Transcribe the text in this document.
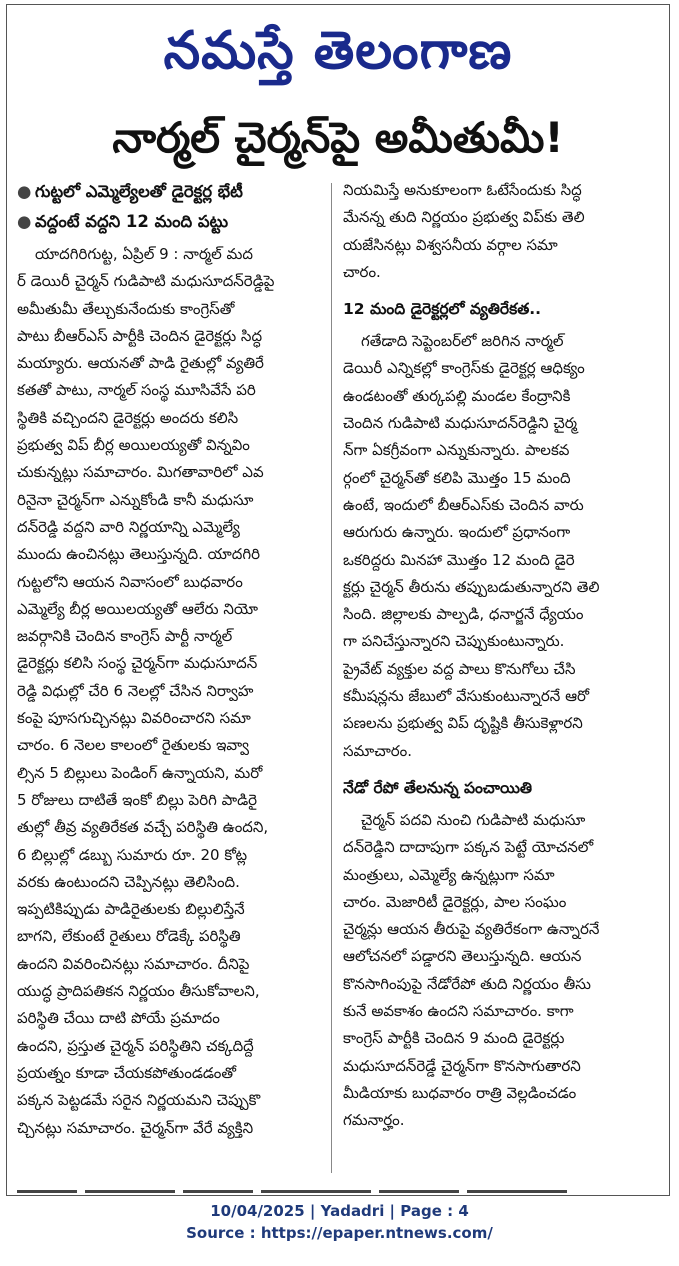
నమస్తే తెలంగాణ
నార్మల్ చైర్మన్‌పై అమీతుమీ!
● గుట్టలో ఎమ్మెల్యేలతో డైరెక్టర్ల భేటీ
● వద్దంటే వద్దని 12 మంది పట్టు
యాదగిరిగుట్ట, ఏప్రిల్ 9 : నార్మల్ మద
ర్ డెయిరీ చైర్మన్ గుడిపాటి మధుసూదన్‌రెడ్డిపై
అమీతుమీ తేల్చుకునేందుకు కాంగ్రెస్‌తో
పాటు బీఆర్‌ఎస్ పార్టీకి చెందిన డైరెక్టర్లు సిద్ధ
మయ్యారు. ఆయనతో పాడి రైతుల్లో వ్యతిరే
కతతో పాటు, నార్మల్ సంస్థ మూసివేసే పరి
స్థితికి వచ్చిందని డైరెక్టర్లు అందరు కలిసి
ప్రభుత్వ విప్ బీర్ల అయిలయ్యతో విన్నవిం
చుకున్నట్లు సమాచారం. మిగతావారిలో ఎవ
రినైనా చైర్మన్‌గా ఎన్నుకోండి కానీ మధుసూ
దన్‌రెడ్డి వద్దని వారి నిర్ణయాన్ని ఎమ్మెల్యే
ముందు ఉంచినట్లు తెలుస్తున్నది. యాదగిరి
గుట్టలోని ఆయన నివాసంలో బుధవారం
ఎమ్మెల్యే బీర్ల అయిలయ్యతో ఆలేరు నియో
జవర్గానికి చెందిన కాంగ్రెస్ పార్టీ నార్మల్
డైరెక్టర్లు కలిసి సంస్థ చైర్మన్‌గా మధుసూదన్
రెడ్డి విధుల్లో చేరి 6 నెలల్లో చేసిన నిర్వాహ
కంపై పూసగుచ్చినట్లు వివరించారని సమా
చారం. 6 నెలల కాలంలో రైతులకు ఇవ్వా
ల్సిన 5 బిల్లులు పెండింగ్ ఉన్నాయని, మరో
5 రోజులు దాటితే ఇంకో బిల్లు పెరిగి పాడిరై
తుల్లో తీవ్ర వ్యతిరేకత వచ్చే పరిస్థితి ఉందని,
6 బిల్లుల్లో డబ్బు సుమారు రూ. 20 కోట్ల
వరకు ఉంటుందని చెప్పినట్లు తెలిసింది.
ఇప్పటికిప్పుడు పాడిరైతులకు బిల్లులిస్తేనే
బాగని, లేకుంటే రైతులు రోడెక్కే పరిస్థితి
ఉందని వివరించినట్లు సమాచారం. దీనిపై
యుద్ధ ప్రాదిపతికన నిర్ణయం తీసుకోవాలని,
పరిస్థితి చేయి దాటి పోయే ప్రమాదం
ఉందని, ప్రస్తుత చైర్మన్ పరిస్థితిని చక్కదిద్దే
ప్రయత్నం కూడా చేయకపోతుండడంతో
పక్కన పెట్టడమే సరైన నిర్ణయమని చెప్పుకొ
చ్చినట్లు సమాచారం. చైర్మన్‌గా వేరే వ్యక్తిని
నియమిస్తే అనుకూలంగా ఓటేసేందుకు సిద్ధ
మేనన్న తుది నిర్ణయం ప్రభుత్వ విప్‌కు తెలి
యజేసినట్లు విశ్వసనీయ వర్గాల సమా
చారం.
12 మంది డైరెక్టర్లలో వ్యతిరేకత..
గతేడాది సెప్టెంబర్‌లో జరిగిన నార్మల్
డెయిరీ ఎన్నికల్లో కాంగ్రెస్‌కు డైరెక్టర్ల ఆధిక్యం
ఉండటంతో తుర్కపల్లి మండల కేంద్రానికి
చెందిన గుడిపాటి మధుసూదన్‌రెడ్డిని చైర్మ
న్‌గా ఏకగ్రీవంగా ఎన్నుకున్నారు. పాలకవ
ర్గంలో చైర్మన్‌తో కలిపి మొత్తం 15 మంది
ఉంటే, ఇందులో బీఆర్‌ఎస్‌కు చెందిన వారు
ఆరుగురు ఉన్నారు. ఇందులో ప్రధానంగా
ఒకరిద్దరు మినహా మొత్తం 12 మంది డైరె
క్టర్లు చైర్మన్ తీరును తప్పుబడుతున్నారని తెలి
సింది. జిల్లాలకు పాల్పడి, ధనార్జనే ధ్యేయం
గా పనిచేస్తున్నారని చెప్పుకుంటున్నారు.
ప్రైవేట్ వ్యక్తుల వద్ద పాలు కొనుగోలు చేసి
కమీషన్లను జేబులో వేసుకుంటున్నారనే ఆరో
పణలను ప్రభుత్వ విప్ దృష్టికి తీసుకెళ్లారని
సమాచారం.
నేడో రేపో తేలనున్న పంచాయితి
చైర్మన్ పదవి నుంచి గుడిపాటి మధుసూ
దన్‌రెడ్డిని దాదాపుగా పక్కన పెట్టే యోచనలో
మంత్రులు, ఎమ్మెల్యే ఉన్నట్లుగా సమా
చారం. మెజారిటీ డైరెక్టర్లు, పాల సంఘం
చైర్మన్లు ఆయన తీరుపై వ్యతిరేకంగా ఉన్నారనే
ఆలోచనలో పడ్డారని తెలుస్తున్నది. ఆయన
కొనసాగింపుపై నేడోరేపో తుది నిర్ణయం తీసు
కునే అవకాశం ఉందని సమాచారం. కాగా
కాంగ్రెస్ పార్టీకి చెందిన 9 మంది డైరెక్టర్లు
మధుసూదన్‌రెడ్డే చైర్మన్‌గా కొనసాగుతారని
మీడియాకు బుధవారం రాత్రి వెల్లడించడం
గమనార్హం.
10/04/2025 | Yadadri | Page : 4
Source : https://epaper.ntnews.com/
